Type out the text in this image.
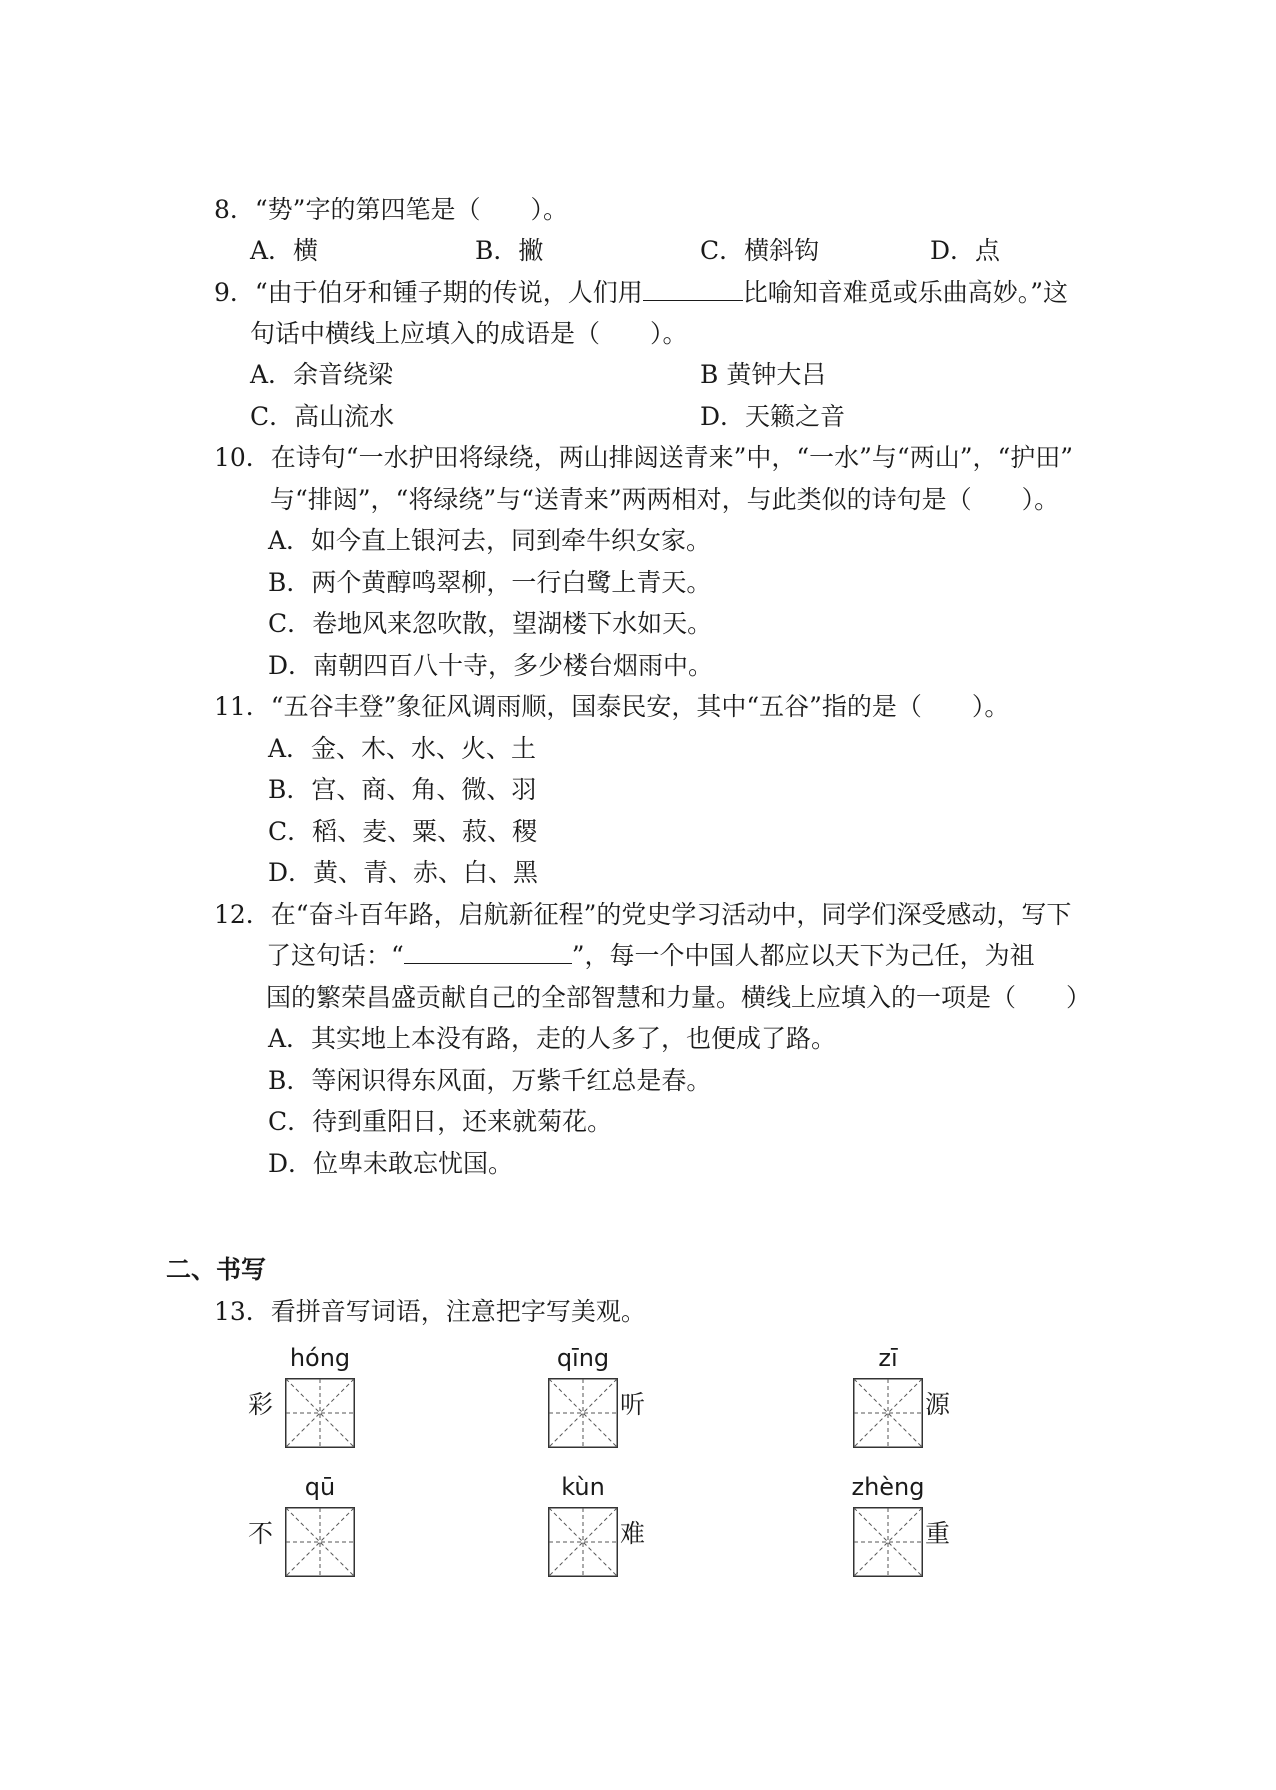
8．“势”字的第四笔是（　　）。
A．横	B．撇	C．横斜钩	D．点
9．“由于伯牙和锺子期的传说，人们用	比喻知音难觅或乐曲高妙。”这
句话中横线上应填入的成语是（　　）。
A．余音绕梁	B 黄钟大吕
C．高山流水	D．天籁之音
10．在诗句“一水护田将绿绕，两山排闼送青来”中，“一水”与“两山”，“护田”
与“排闼”，“将绿绕”与“送青来”两两相对，与此类似的诗句是（　　）。
A．如今直上银河去，同到牵牛织女家。
B．两个黄醇鸣翠柳，一行白鹭上青天。
C．卷地风来忽吹散，望湖楼下水如天。
D．南朝四百八十寺，多少楼台烟雨中。
11．“五谷丰登”象征风调雨顺，国泰民安，其中“五谷”指的是（　　）。
A．金、木、水、火、土
B．宫、商、角、微、羽
C．稻、麦、粟、菽、稷
D．黄、青、赤、白、黑
12．在“奋斗百年路，启航新征程”的党史学习活动中，同学们深受感动，写下
了这句话：“	”，每一个中国人都应以天下为己任，为祖
国的繁荣昌盛贡献自己的全部智慧和力量。横线上应填入的一项是（　　）
A．其实地上本没有路，走的人多了，也便成了路。
B．等闲识得东风面，万紫千红总是春。
C．待到重阳日，还来就菊花。
D．位卑未敢忘忧国。
二、书写
13．看拼音写词语，注意把字写美观。
hóng
彩
qīng
听
zī
源
qū
不
kùn
难
zhèng
重
